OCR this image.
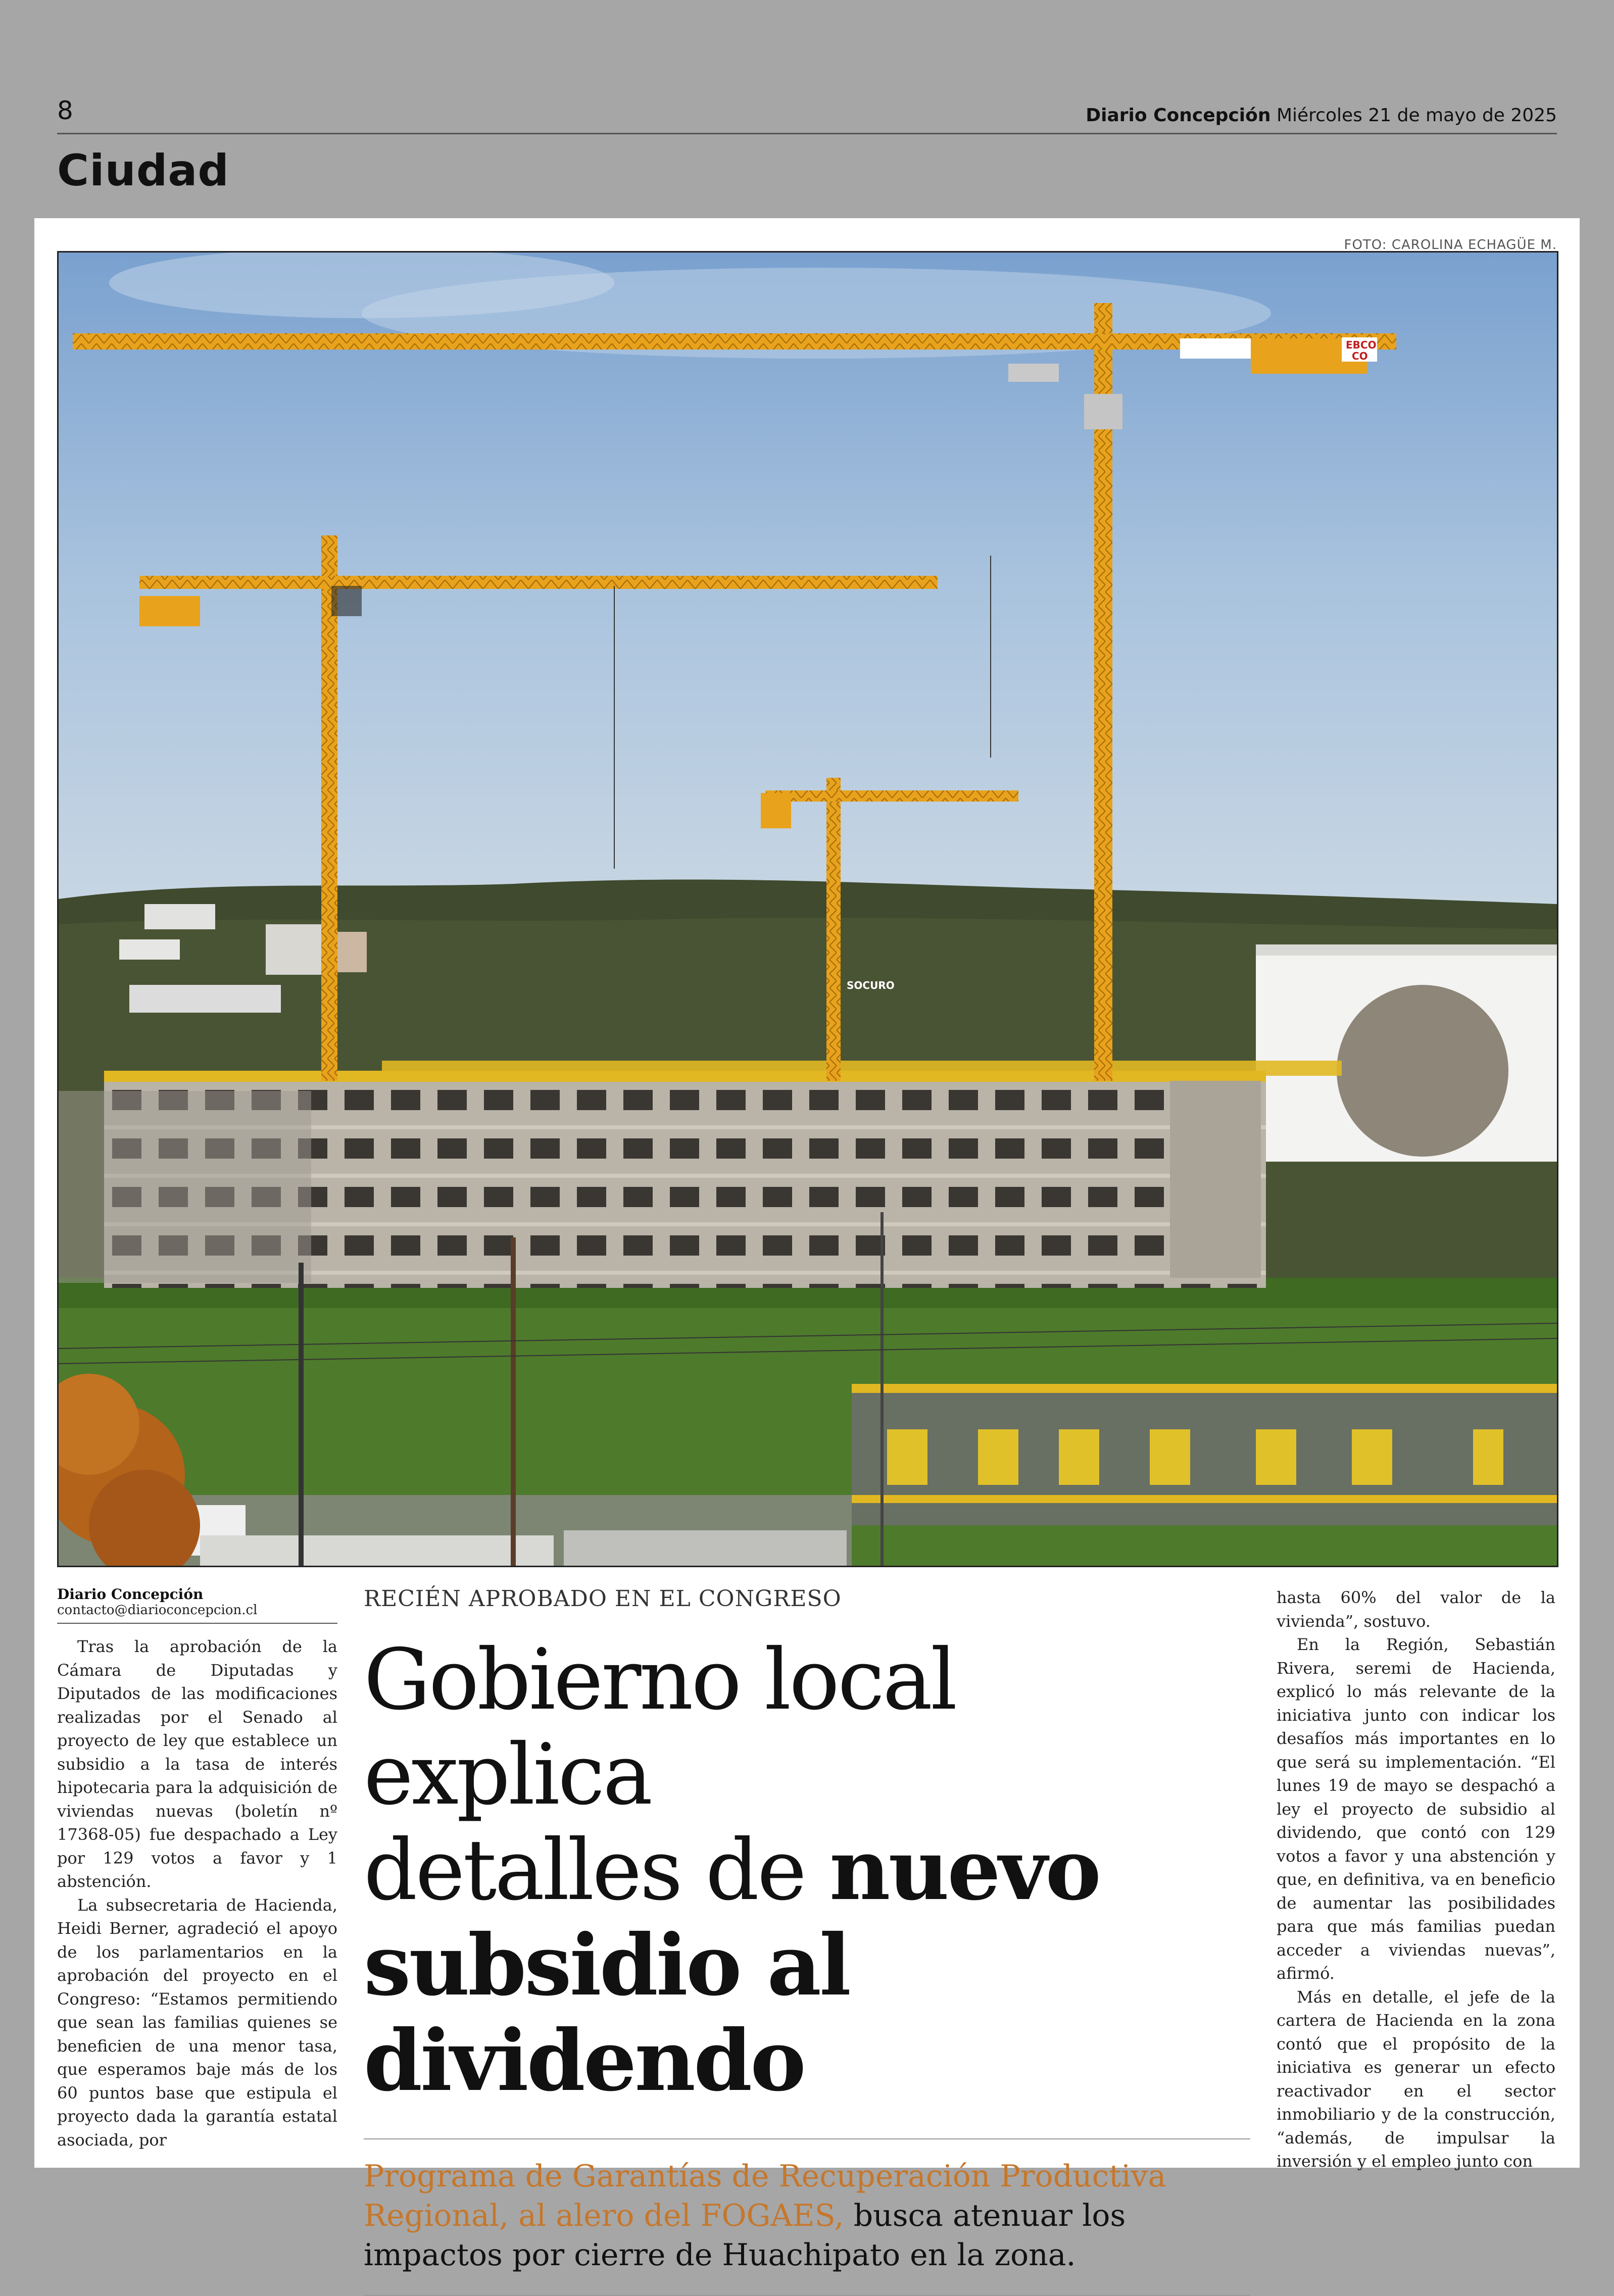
8	Diario Concepción Miércoles 21 de mayo de 2025
Ciudad
FOTO: CAROLINA ECHAGÜE M.
EBCO
CO
SOCURO
Diario Concepción
contacto@diarioconcepcion.cl

Tras la aprobación de la Cámara de Diputadas y Diputados de las modificaciones realizadas por el Senado al proyecto de ley que establece un subsidio a la tasa de interés hipotecaria para la adquisición de viviendas nuevas (boletín nº 17368-05) fue despachado a Ley por 129 votos a favor y 1 abstención.

La subsecretaria de Hacienda, Heidi Berner, agradeció el apoyo de los parlamentarios en la aprobación del proyecto en el Congreso: “Estamos permitiendo que sean las familias quienes se beneficien de una menor tasa, que esperamos baje más de los 60 puntos base que estipula el proyecto dada la garantía estatal asociada, por

RECIÉN APROBADO EN EL CONGRESO
Gobierno local explica
detalles de nuevo
subsidio al dividendo
Programa de Garantías de Recuperación Productiva Regional, al alero del FOGAES, busca atenuar los impactos por cierre de Huachipato en la zona.

hasta 60% del valor de la vivienda”, sostuvo.

En la Región, Sebastián Rivera, seremi de Hacienda, explicó lo más relevante de la iniciativa junto con indicar los desafíos más importantes en lo que será su implementación. “El lunes 19 de mayo se despachó a ley el proyecto de subsidio al dividendo, que contó con 129 votos a favor y una abstención y que, en definitiva, va en beneficio de aumentar las posibilidades para que más familias puedan acceder a viviendas nuevas”, afirmó.

Más en detalle, el jefe de la cartera de Hacienda en la zona contó que el propósito de la iniciativa es generar un efecto reactivador en el sector inmobiliario y de la construcción, “además, de impulsar la inversión y el empleo junto con
